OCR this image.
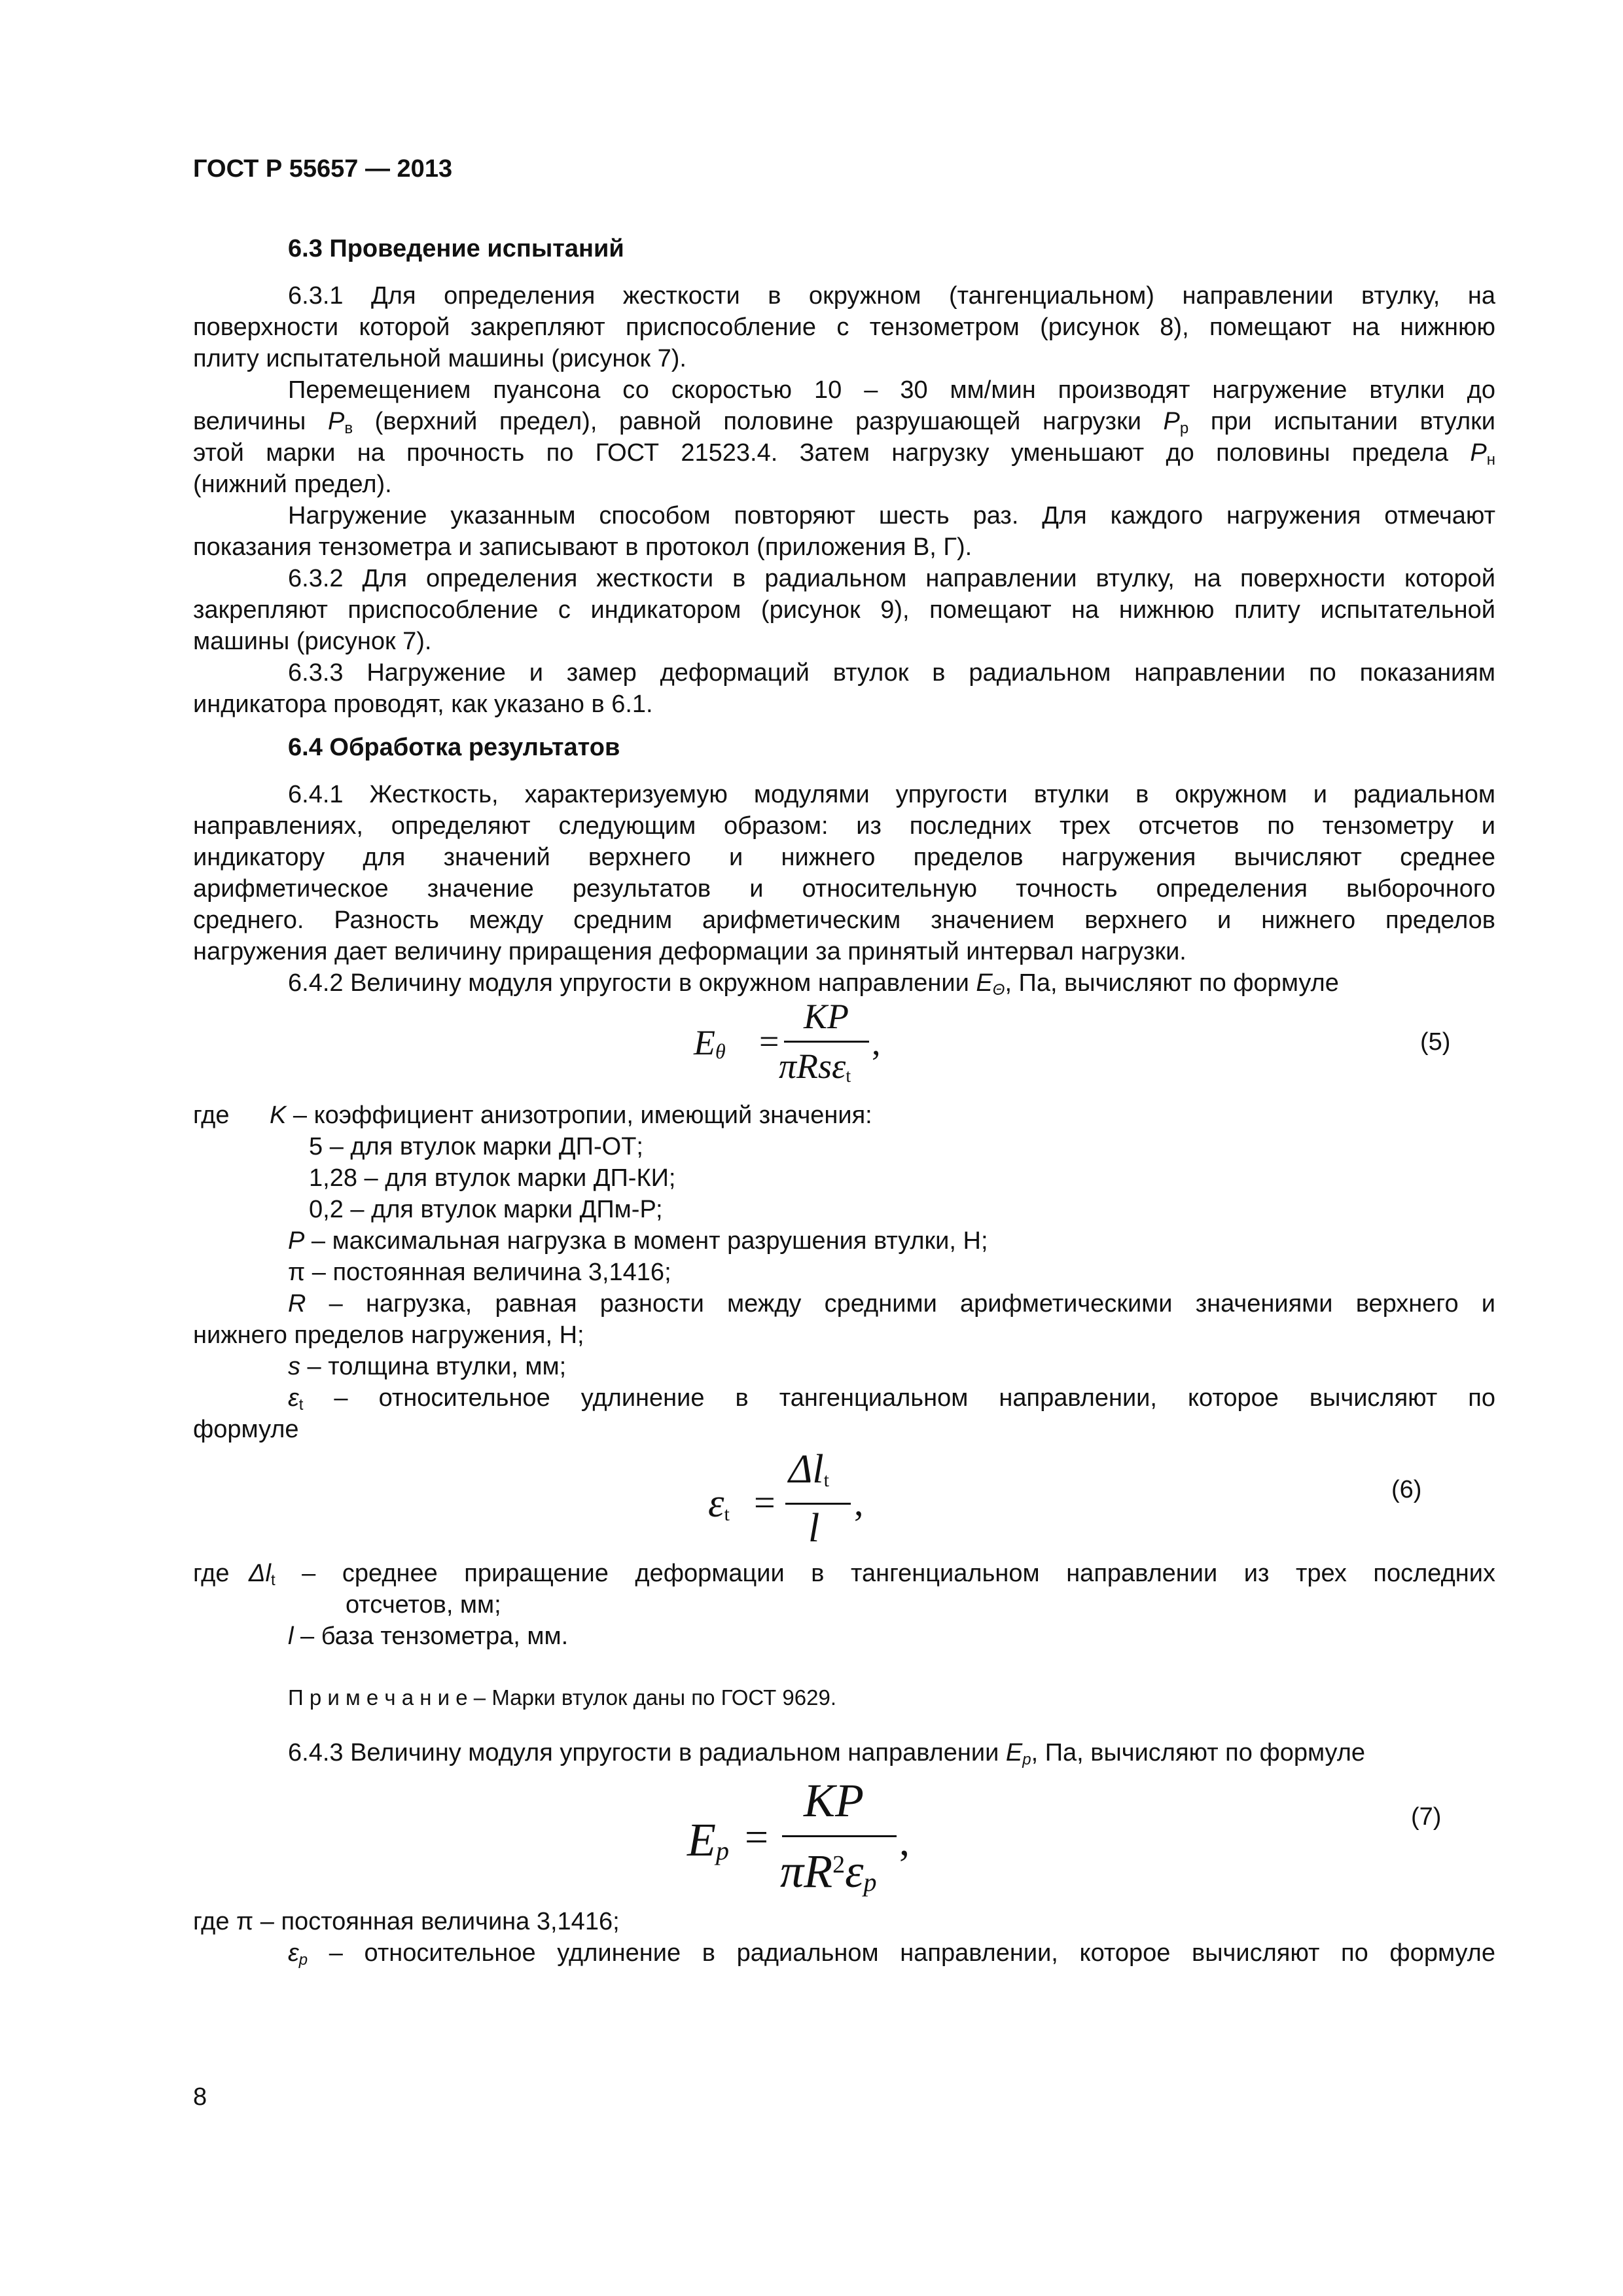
ГОСТ Р 55657 — 2013
6.3 Проведение испытаний
6.3.1 Для определения жесткости в окружном (тангенциальном) направлении втулку, на
поверхности которой закрепляют приспособление с тензометром (рисунок 8), помещают на нижнюю
плиту испытательной машины (рисунок 7).
Перемещением пуансона со скоростью 10 – 30 мм/мин производят нагружение втулки до
величины $P_в$ (верхний предел), равной половине разрушающей нагрузки $P_р$ при испытании втулки
этой марки на прочность по ГОСТ 21523.4. Затем нагрузку уменьшают до половины предела $P_н$
(нижний предел).
Нагружение указанным способом повторяют шесть раз. Для каждого нагружения отмечают
показания тензометра и записывают в протокол (приложения В, Г).
6.3.2 Для определения жесткости в радиальном направлении втулку, на поверхности которой
закрепляют приспособление с индикатором (рисунок 9), помещают на нижнюю плиту испытательной
машины (рисунок 7).
6.3.3 Нагружение и замер деформаций втулок в радиальном направлении по показаниям
индикатора проводят, как указано в 6.1.
6.4 Обработка результатов
6.4.1 Жесткость, характеризуемую модулями упругости втулки в окружном и радиальном
направлениях, определяют следующим образом: из последних трех отсчетов по тензометру и
индикатору для значений верхнего и нижнего пределов нагружения вычисляют среднее
арифметическое значение результатов и относительную точность определения выборочного
среднего. Разность между средним арифметическим значением верхнего и нижнего пределов
нагружения дает величину приращения деформации за принятый интервал нагрузки.
6.4.2 Величину модуля упругости в окружном направлении $E_\Theta$, Па, вычисляют по формуле
$E_\theta$ =
KP
πRsε$_t$
,	(5)
где K – коэффициент анизотропии, имеющий значения:
5 – для втулок марки ДП-ОТ;
1,28 – для втулок марки ДП-КИ;
0,2 – для втулок марки ДПм-Р;
P – максимальная нагрузка в момент разрушения втулки, Н;
π – постоянная величина 3,1416;
R – нагрузка, равная разности между средними арифметическими значениями верхнего и
нижнего пределов нагружения, Н;
s – толщина втулки, мм;
$\varepsilon_t$ – относительное удлинение в тангенциальном направлении, которое вычисляют по
формуле
$\varepsilon_t$ =
$\Delta l_t$
l
,	(6)
где $\Delta l_t$ – среднее приращение деформации в тангенциальном направлении из трех последних
отсчетов, мм;
l – база тензометра, мм.
П р и м е ч а н и е – Марки втулок даны по ГОСТ 9629.
6.4.3 Величину модуля упругости в радиальном направлении $E_p$, Па, вычисляют по формуле
$E_p$ =
KP
$\pi R^2\varepsilon_p$
,
(7)
где π – постоянная величина 3,1416;
$\varepsilon_p$ – относительное удлинение в радиальном направлении, которое вычисляют по формуле
8
